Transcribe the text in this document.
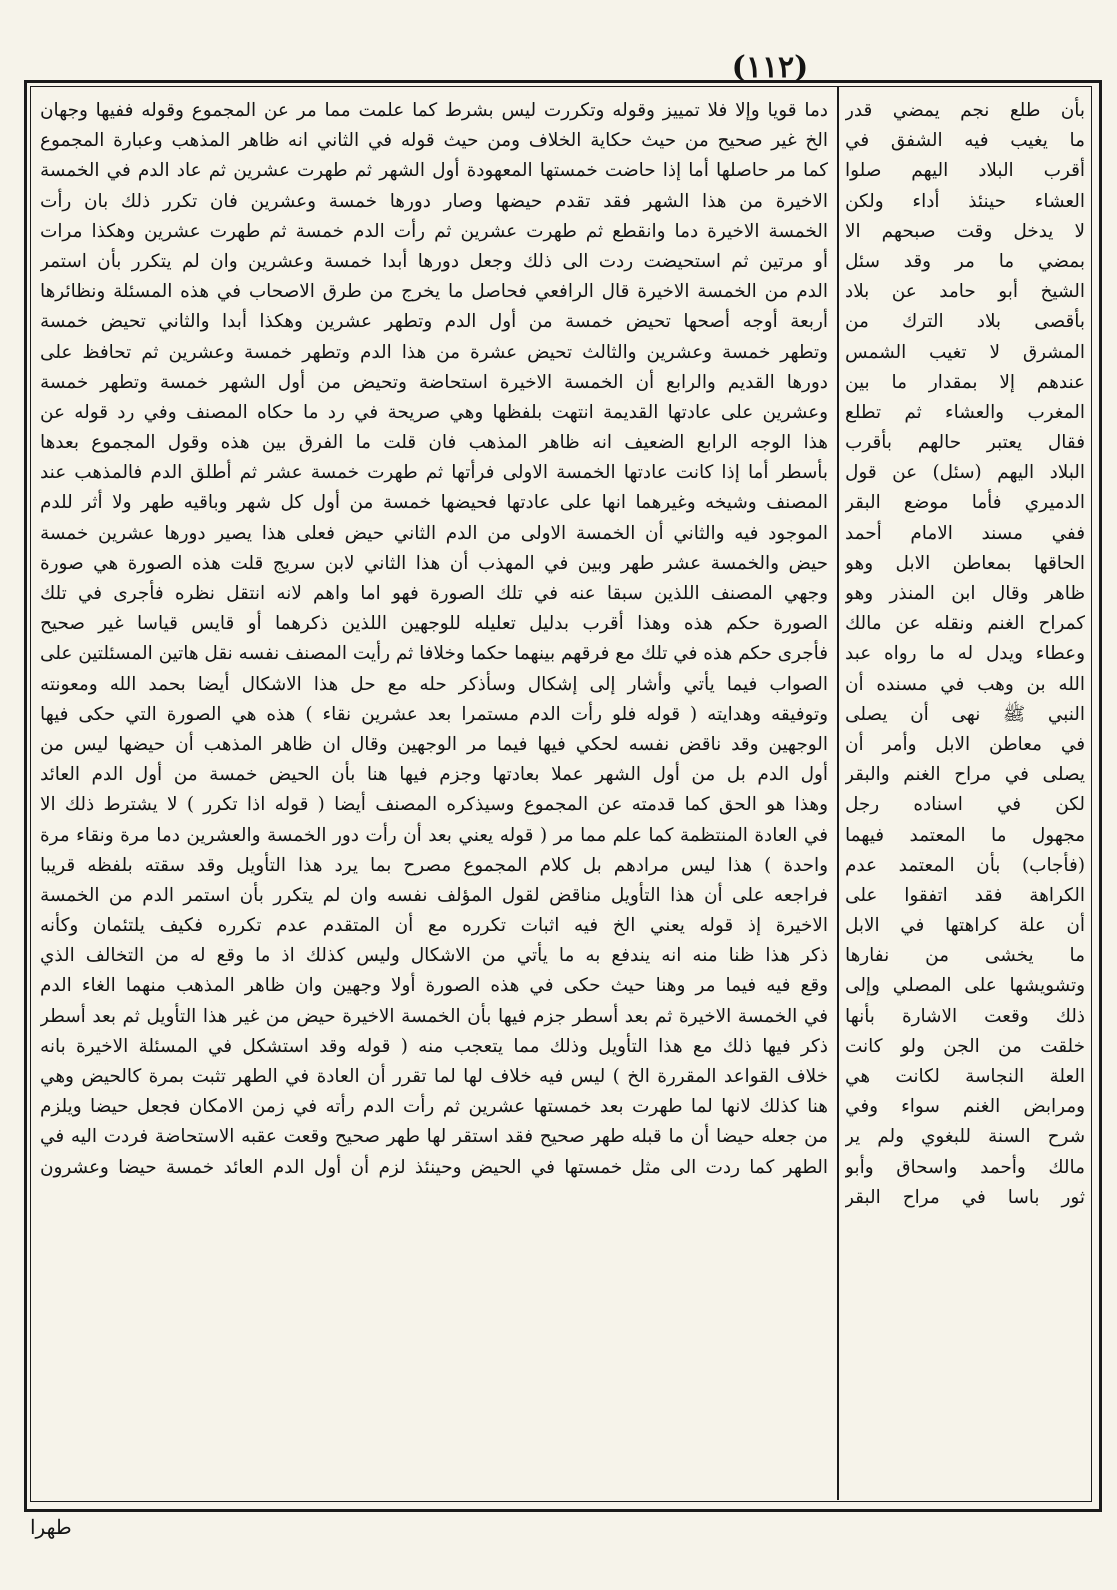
(١١٢)
دما قويا وإلا فلا تمييز وقوله وتكررت ليس بشرط كما علمت مما مر عن المجموع وقوله ففيها وجهان
الخ غير صحيح من حيث حكاية الخلاف ومن حيث قوله في الثاني انه ظاهر المذهب وعبارة المجموع
كما مر حاصلها أما إذا حاضت خمستها المعهودة أول الشهر ثم طهرت عشرين ثم عاد الدم في الخمسة
الاخيرة من هذا الشهر فقد تقدم حيضها وصار دورها خمسة وعشرين فان تكرر ذلك بان رأت
الخمسة الاخيرة دما وانقطع ثم طهرت عشرين ثم رأت الدم خمسة ثم طهرت عشرين وهكذا مرات
أو مرتين ثم استحيضت ردت الى ذلك وجعل دورها أبدا خمسة وعشرين وان لم يتكرر بأن استمر
الدم من الخمسة الاخيرة قال الرافعي فحاصل ما يخرج من طرق الاصحاب في هذه المسئلة ونظائرها
أربعة أوجه أصحها تحيض خمسة من أول الدم وتطهر عشرين وهكذا أبدا والثاني تحيض خمسة
وتطهر خمسة وعشرين والثالث تحيض عشرة من هذا الدم وتطهر خمسة وعشرين ثم تحافظ على
دورها القديم والرابع أن الخمسة الاخيرة استحاضة وتحيض من أول الشهر خمسة وتطهر خمسة
وعشرين على عادتها القديمة انتهت بلفظها وهي صريحة في رد ما حكاه المصنف وفي رد قوله عن
هذا الوجه الرابع الضعيف انه ظاهر المذهب فان قلت ما الفرق بين هذه وقول المجموع بعدها
بأسطر أما إذا كانت عادتها الخمسة الاولى فرأتها ثم طهرت خمسة عشر ثم أطلق الدم فالمذهب عند
المصنف وشيخه وغيرهما انها على عادتها فحيضها خمسة من أول كل شهر وباقيه طهر ولا أثر للدم
الموجود فيه والثاني أن الخمسة الاولى من الدم الثاني حيض فعلى هذا يصير دورها عشرين خمسة
حيض والخمسة عشر طهر وبين في المهذب أن هذا الثاني لابن سريج قلت هذه الصورة هي صورة
وجهي المصنف اللذين سبقا عنه في تلك الصورة فهو اما واهم لانه انتقل نظره فأجرى في تلك
الصورة حكم هذه وهذا أقرب بدليل تعليله للوجهين اللذين ذكرهما أو قايس قياسا غير صحيح
فأجرى حكم هذه في تلك مع فرقهم بينهما حكما وخلافا ثم رأيت المصنف نفسه نقل هاتين المسئلتين على
الصواب فيما يأتي وأشار إلى إشكال وسأذكر حله مع حل هذا الاشكال أيضا بحمد الله ومعونته
وتوفيقه وهدايته ( قوله فلو رأت الدم مستمرا بعد عشرين نقاء ) هذه هي الصورة التي حكى فيها
الوجهين وقد ناقض نفسه لحكي فيها فيما مر الوجهين وقال ان ظاهر المذهب أن حيضها ليس من
أول الدم بل من أول الشهر عملا بعادتها وجزم فيها هنا بأن الحيض خمسة من أول الدم العائد
وهذا هو الحق كما قدمته عن المجموع وسيذكره المصنف أيضا ( قوله اذا تكرر ) لا يشترط ذلك الا
في العادة المنتظمة كما علم مما مر ( قوله يعني بعد أن رأت دور الخمسة والعشرين دما مرة ونقاء مرة
واحدة ) هذا ليس مرادهم بل كلام المجموع مصرح بما يرد هذا التأويل وقد سقته بلفظه قريبا
فراجعه على أن هذا التأويل مناقض لقول المؤلف نفسه وان لم يتكرر بأن استمر الدم من الخمسة
الاخيرة إذ قوله يعني الخ فيه اثبات تكرره مع أن المتقدم عدم تكرره فكيف يلتئمان وكأنه
ذكر هذا ظنا منه انه يندفع به ما يأتي من الاشكال وليس كذلك اذ ما وقع له من التخالف الذي
وقع فيه فيما مر وهنا حيث حكى في هذه الصورة أولا وجهين وان ظاهر المذهب منهما الغاء الدم
في الخمسة الاخيرة ثم بعد أسطر جزم فيها بأن الخمسة الاخيرة حيض من غير هذا التأويل ثم بعد أسطر
ذكر فيها ذلك مع هذا التأويل وذلك مما يتعجب منه ( قوله وقد استشكل في المسئلة الاخيرة بانه
خلاف القواعد المقررة الخ ) ليس فيه خلاف لها لما تقرر أن العادة في الطهر تثبت بمرة كالحيض وهي
هنا كذلك لانها لما طهرت بعد خمستها عشرين ثم رأت الدم رأته في زمن الامكان فجعل حيضا ويلزم
من جعله حيضا أن ما قبله طهر صحيح فقد استقر لها طهر صحيح وقعت عقبه الاستحاضة فردت اليه في
الطهر كما ردت الى مثل خمستها في الحيض وحينئذ لزم أن أول الدم العائد خمسة حيضا وعشرون
بأن طلع نجم يمضي قدر
ما يغيب فيه الشفق في
أقرب البلاد اليهم صلوا
العشاء حينئذ أداء ولكن
لا يدخل وقت صبحهم الا
بمضي ما مر وقد سئل
الشيخ أبو حامد عن بلاد
بأقصى بلاد الترك من
المشرق لا تغيب الشمس
عندهم إلا بمقدار ما بين
المغرب والعشاء ثم تطلع
فقال يعتبر حالهم بأقرب
البلاد اليهم (سئل) عن قول
الدميري فأما موضع البقر
ففي مسند الامام أحمد
الحاقها بمعاطن الابل وهو
ظاهر وقال ابن المنذر وهو
كمراح الغنم ونقله عن مالك
وعطاء ويدل له ما رواه عبد
الله بن وهب في مسنده أن
النبي ﷺ نهى أن يصلى
في معاطن الابل وأمر أن
يصلى في مراح الغنم والبقر
لكن في اسناده رجل
مجهول ما المعتمد فيهما
(فأجاب) بأن المعتمد عدم
الكراهة فقد اتفقوا على
أن علة كراهتها في الابل
ما يخشى من نفارها
وتشويشها على المصلي وإلى
ذلك وقعت الاشارة بأنها
خلقت من الجن ولو كانت
العلة النجاسة لكانت هي
ومرابض الغنم سواء وفي
شرح السنة للبغوي ولم ير
مالك وأحمد واسحاق وأبو
ثور باسا في مراح البقر
طهرا
